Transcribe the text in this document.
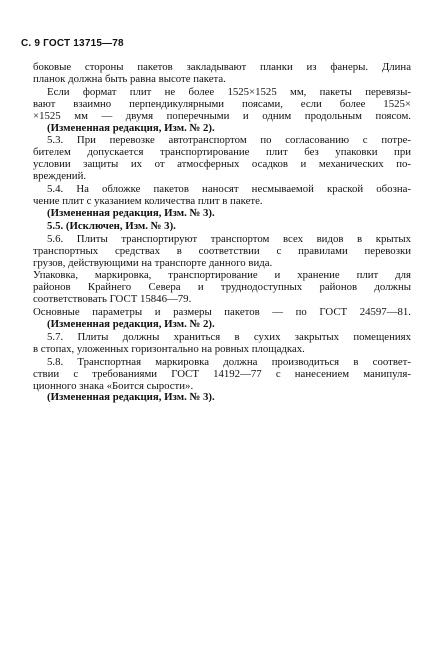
С. 9 ГОСТ 13715—78
боковые стороны пакетов закладывают планки из фанеры. Длина
планок должна быть равна высоте пакета.
Если формат плит не более 1525×1525 мм, пакеты перевязы-
вают взаимно перпендикулярными поясами, если более 1525×
×1525 мм — двумя поперечными и одним продольным поясом.
(Измененная редакция, Изм. № 2).
5.3. При перевозке автотранспортом по согласованию с потре-
бителем допускается транспортирование плит без упаковки при
условии защиты их от атмосферных осадков и механических по-
вреждений.
5.4. На обложке пакетов наносят несмываемой краской обозна-
чение плит с указанием количества плит в пакете.
(Измененная редакция, Изм. № 3).
5.5. (Исключен, Изм. № 3).
5.6. Плиты транспортируют транспортом всех видов в крытых
транспортных средствах в соответствии с правилами перевозки
грузов, действующими на транспорте данного вида.
Упаковка, маркировка, транспортирование и хранение плит для
районов Крайнего Севера и труднодоступных районов должны
соответствовать ГОСТ 15846—79.
Основные параметры и размеры пакетов — по ГОСТ 24597—81.
(Измененная редакция, Изм. № 2).
5.7. Плиты должны храниться в сухих закрытых помещениях
в стопах, уложенных горизонтально на ровных площадках.
5.8. Транспортная маркировка должна производиться в соответ-
ствии с требованиями ГОСТ 14192—77 с нанесением манипуля-
ционного знака «Боится сырости».
(Измененная редакция, Изм. № 3).
